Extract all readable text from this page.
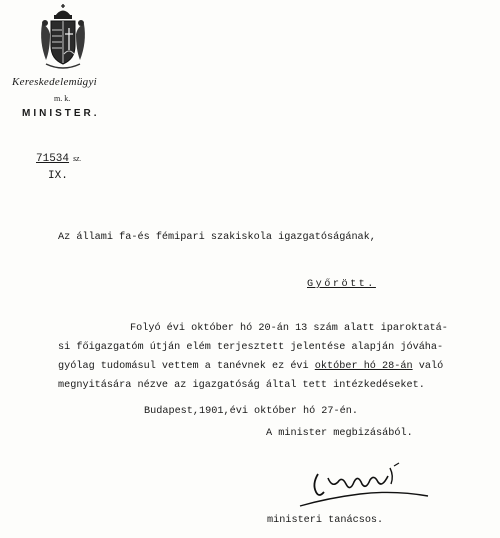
Kereskedelemügyi
m. k.
MINISTER.
71534 sz.
IX.
Az állami fa-és fémipari szakiskola igazgatóságának,
Győrött.
Folyó évi október hó 20-án 13 szám alatt iparoktatá-
si főigazgatóm útján elém terjesztett jelentése alapján jóváha-
gyólag tudomásul vettem a tanévnek ez évi október hó 28-án való
megnyitására nézve az igazgatóság által tett intézkedéseket.
Budapest,1901,évi október hó 27-én.
A minister megbizásából.
ministeri tanácsos.
